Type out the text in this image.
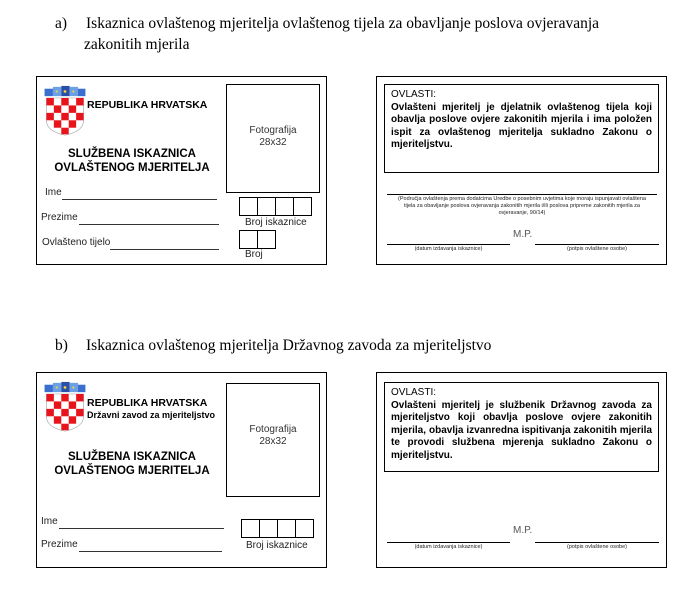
a) Iskaznica ovlaštenog mjeritelja ovlaštenog tijela za obavljanje poslova ovjeravanja
zakonitih mjerila
REPUBLIKA HRVATSKA
SLUŽBENA ISKAZNICA
OVLAŠTENOG MJERITELJA
Fotografija
28x32
Ime
Prezime
Ovlašteno tijelo
Broj iskaznice
Broj
OVLASTI:
Ovlašteni mjeritelj je djelatnik ovlaštenog tijela koji obavlja poslove ovjere zakonitih mjerila i ima položen ispit za ovlaštenog mjeritelja sukladno Zakonu o mjeriteljstvu.
(Područja ovlaštenja prema dodatcima Uredbe o posebnim uvjetima koje moraju ispunjavati ovlaštena tijela za obavljanje poslova ovjeravanja zakonitih mjerila i/ili poslova pripreme zakonitih mjerila za ovjeravanje, 90/14)
M.P.
(datum izdavanja iskaznice)	(potpis ovlaštene osobe)
b) Iskaznica ovlaštenog mjeritelja Državnog zavoda za mjeriteljstvo
REPUBLIKA HRVATSKA
Državni zavod za mjeriteljstvo
SLUŽBENA ISKAZNICA
OVLAŠTENOG MJERITELJA
Fotografija
28x32
Ime
Prezime	Broj iskaznice
OVLASTI:
Ovlašteni mjeritelj je službenik Državnog zavoda za mjeriteljstvo koji obavlja poslove ovjere zakonitih mjerila, obavlja izvanredna ispitivanja zakonitih mjerila te provodi službena mjerenja sukladno Zakonu o mjeriteljstvu.
M.P.
(datum izdavanja iskaznice)	(potpis ovlaštene osobe)
